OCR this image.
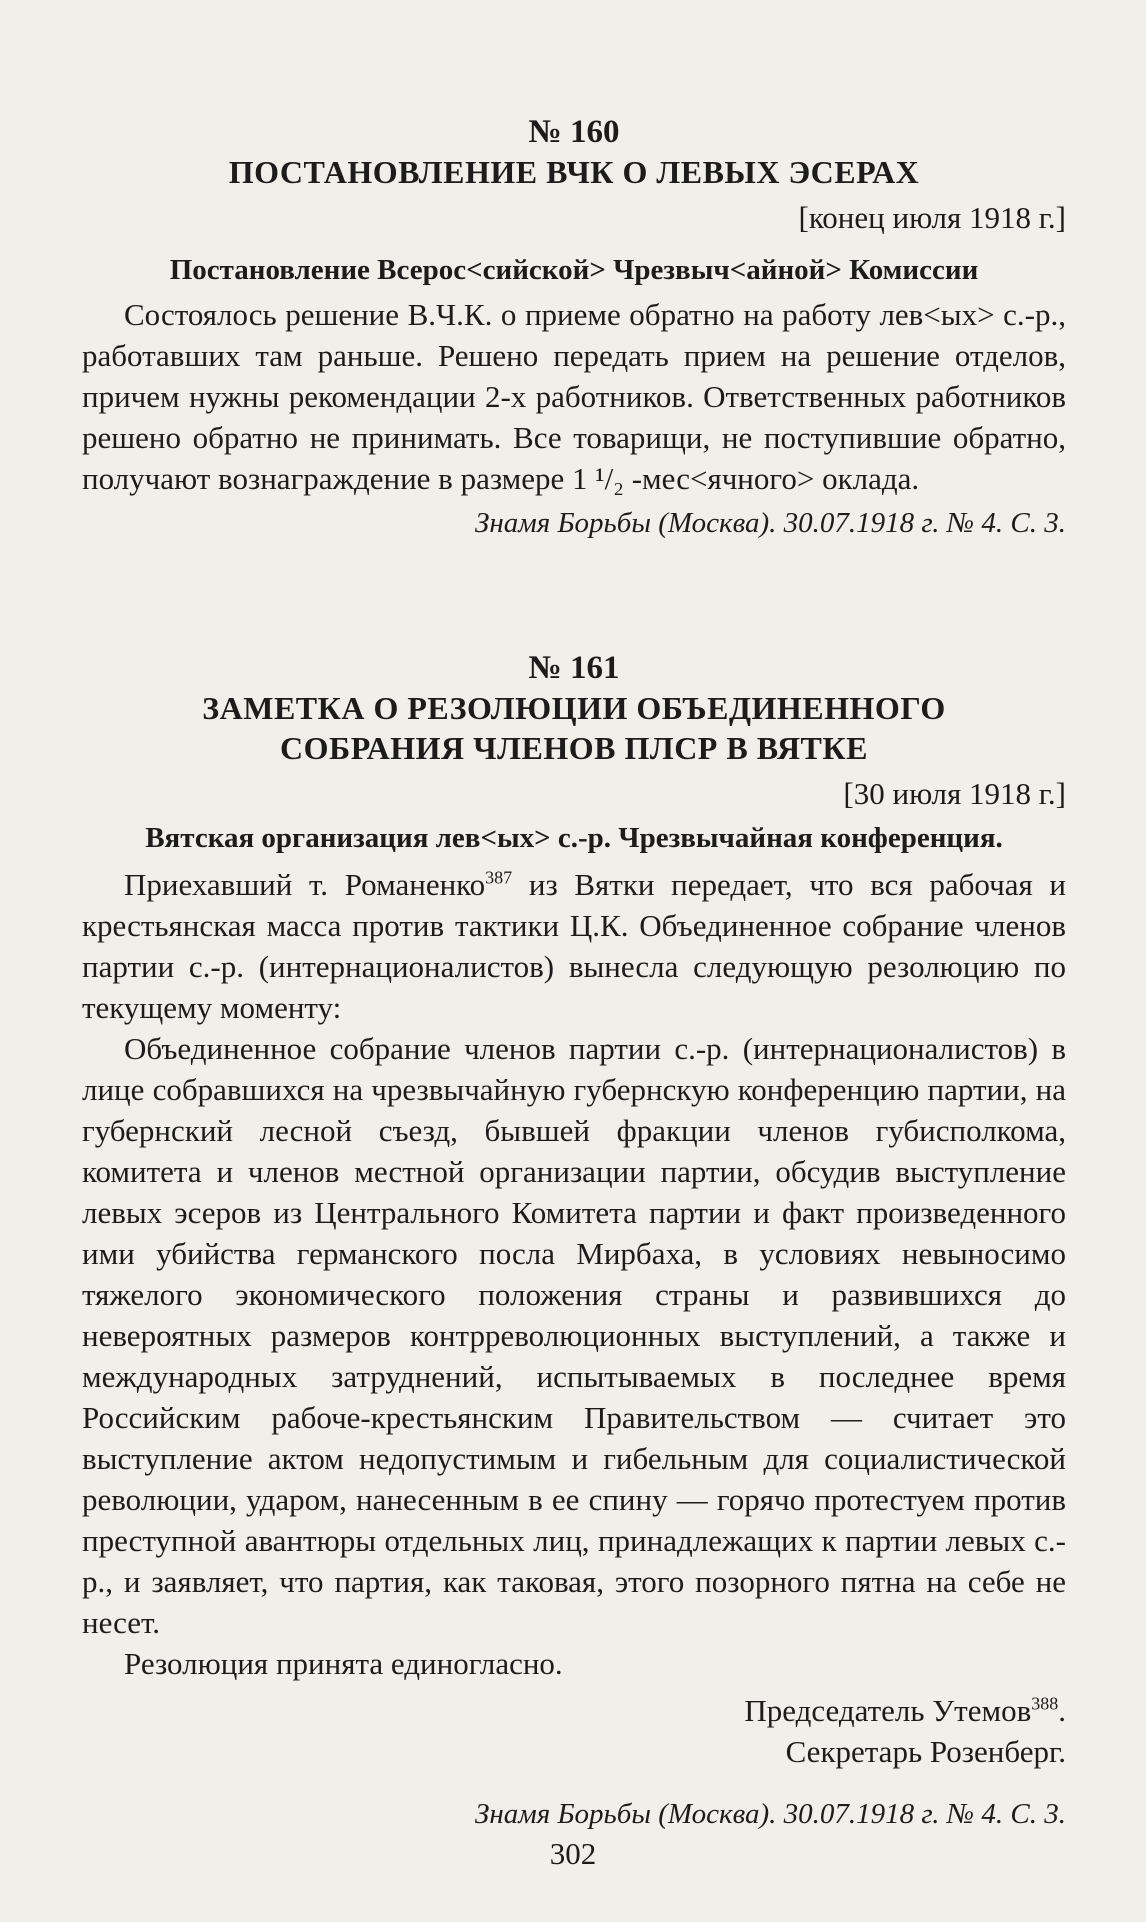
№ 160
ПОСТАНОВЛЕНИЕ ВЧК О ЛЕВЫХ ЭСЕРАХ
[конец июля 1918 г.]
Постановление Всерос<сийской> Чрезвыч<айной> Комиссии

Состоялось решение В.Ч.К. о приеме обратно на работу лев<ых> с.-р., работавших там раньше. Решено передать прием на решение отделов, причем нужны рекомендации 2-х работников. Ответственных работников решено обратно не принимать. Все товарищи, не поступившие обратно, получают вознаграждение в размере 1 ¹/₂ -мес<ячного> оклада.

Знамя Борьбы (Москва). 30.07.1918 г. № 4. С. 3.
№ 161
ЗАМЕТКА О РЕЗОЛЮЦИИ ОБЪЕДИНЕННОГО
СОБРАНИЯ ЧЛЕНОВ ПЛСР В ВЯТКЕ
[30 июля 1918 г.]
Вятская организация лев<ых> с.-р. Чрезвычайная конференция.

Приехавший т. Романенко$^{387}$ из Вятки передает, что вся рабочая и крестьянская масса против тактики Ц.К. Объединенное собрание членов партии с.-р. (интернационалистов) вынесла следующую резолюцию по текущему моменту:

Объединенное собрание членов партии с.-р. (интернационалистов) в лице собравшихся на чрезвычайную губернскую конференцию партии, на губернский лесной съезд, бывшей фракции членов губисполкома, комитета и членов местной организации партии, обсудив выступление левых эсеров из Центрального Комитета партии и факт произведенного ими убийства германского посла Мирбаха, в условиях невыносимо тяжелого экономического положения страны и развившихся до невероятных размеров контрреволюционных выступлений, а также и международных затруднений, испытываемых в последнее время Российским рабоче-крестьянским Правительством — считает это выступление актом недопустимым и гибельным для социалистической революции, ударом, нанесенным в ее спину — горячо протестуем против преступной авантюры отдельных лиц, принадлежащих к партии левых с.-р., и заявляет, что партия, как таковая, этого позорного пятна на себе не несет.

Резолюция принята единогласно.

Председатель Утемов$^{388}$.
Секретарь Розенберг.
Знамя Борьбы (Москва). 30.07.1918 г. № 4. С. 3.
302
